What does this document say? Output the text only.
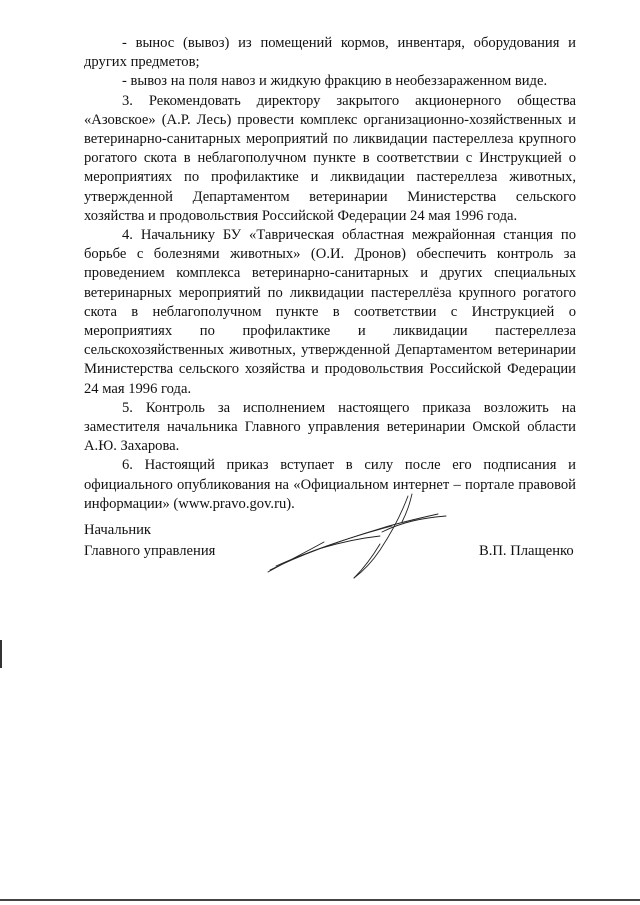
- вынос (вывоз) из помещений кормов, инвентаря, оборудования и других предметов;

- вывоз на поля навоз и жидкую фракцию в необеззараженном виде.

3. Рекомендовать директору закрытого акционерного общества «Азовское» (А.Р. Лесь) провести комплекс организационно-хозяйственных и ветеринарно-санитарных мероприятий по ликвидации пастереллеза крупного рогатого скота в неблагополучном пункте в соответствии с Инструкцией о мероприятиях по профилактике и ликвидации пастереллеза животных, утвержденной Департаментом ветеринарии Министерства сельского хозяйства и продовольствия Российской Федерации 24 мая 1996 года.

4. Начальнику БУ «Таврическая областная межрайонная станция по борьбе с болезнями животных» (О.И. Дронов) обеспечить контроль за проведением комплекса ветеринарно-санитарных и других специальных ветеринарных мероприятий по ликвидации пастереллёза крупного рогатого скота в неблагополучном пункте в соответствии с Инструкцией о мероприятиях по профилактике и ликвидации пастереллеза сельскохозяйственных животных, утвержденной Департаментом ветеринарии Министерства сельского хозяйства и продовольствия Российской Федерации 24 мая 1996 года.

5. Контроль за исполнением настоящего приказа возложить на заместителя начальника Главного управления ветеринарии Омской области А.Ю. Захарова.

6. Настоящий приказ вступает в силу после его подписания и официального опубликования на «Официальном интернет – портале правовой информации» (www.pravo.gov.ru).

Начальник
Главного управления	В.П. Плащенко
